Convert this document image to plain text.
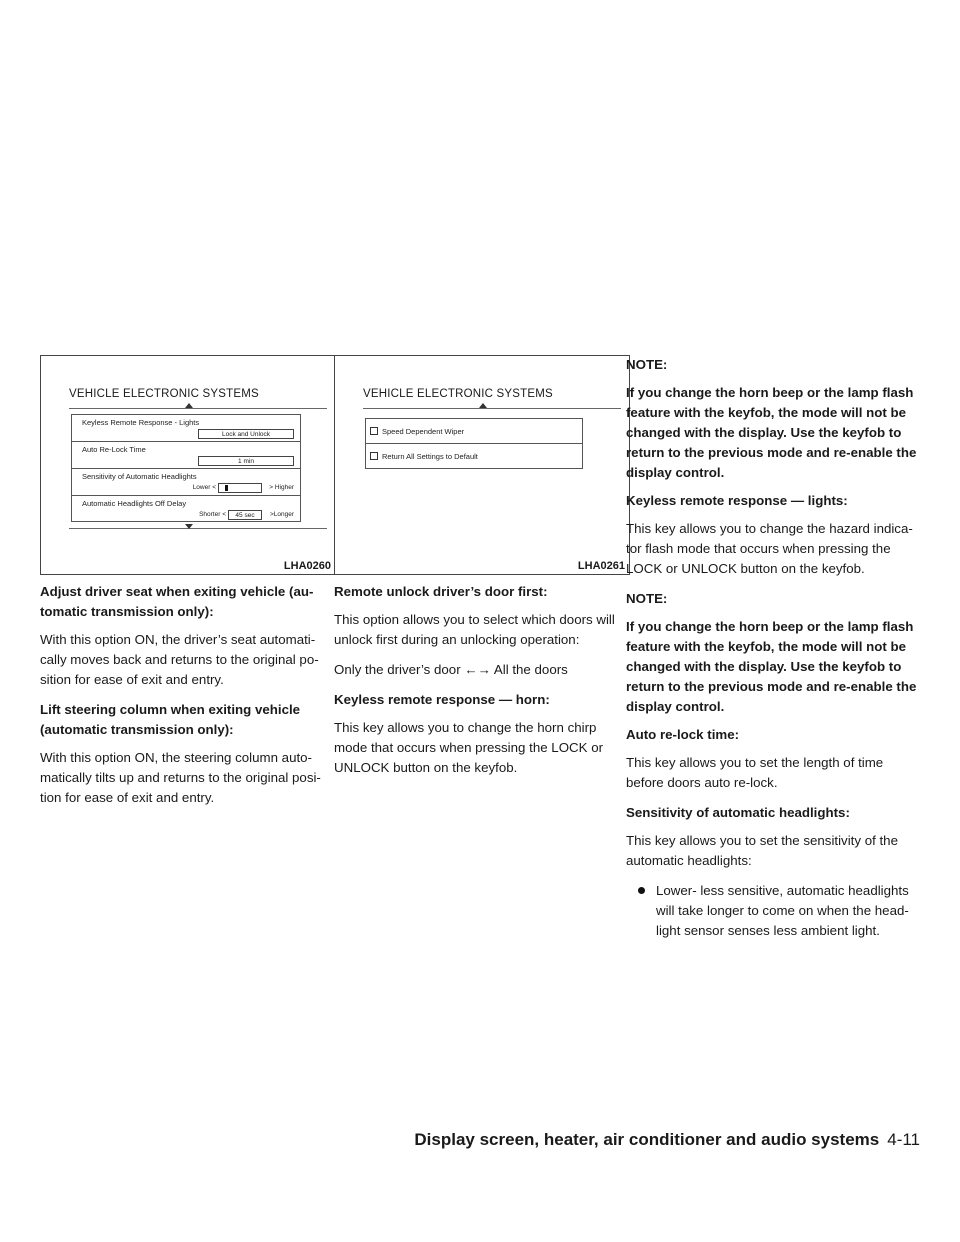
VEHICLE ELECTRONIC SYSTEMS
Keyless Remote Response - Lights
Lock and Unlock
Auto Re-Lock Time
1 min
Sensitivity of Automatic Headlights
Lower <	> Higher
Automatic Headlights Off Delay
Shorter <	45 sec	>Longer
LHA0260
VEHICLE ELECTRONIC SYSTEMS
Speed Dependent Wiper
Return All Settings to Default
LHA0261

Adjust driver seat when exiting vehicle (au-tomatic transmission only):

With this option ON, the driver’s seat automati-cally moves back and returns to the original po-sition for ease of exit and entry.

Lift steering column when exiting vehicle (automatic transmission only):

With this option ON, the steering column auto-matically tilts up and returns to the original posi-tion for ease of exit and entry.

Remote unlock driver’s door first:

This option allows you to select which doors will unlock first during an unlocking operation:

Only the driver’s door ←→ All the doors

Keyless remote response — horn:

This key allows you to change the horn chirp mode that occurs when pressing the LOCK or UNLOCK button on the keyfob.

NOTE:

If you change the horn beep or the lamp flash feature with the keyfob, the mode will not be changed with the display. Use the keyfob to return to the previous mode and re-enable the display control.

Keyless remote response — lights:

This key allows you to change the hazard indica-tor flash mode that occurs when pressing the LOCK or UNLOCK button on the keyfob.

NOTE:

If you change the horn beep or the lamp flash feature with the keyfob, the mode will not be changed with the display. Use the keyfob to return to the previous mode and re-enable the display control.

Auto re-lock time:

This key allows you to set the length of time before doors auto re-lock.

Sensitivity of automatic headlights:

This key allows you to set the sensitivity of the automatic headlights:

Lower- less sensitive, automatic headlights will take longer to come on when the head-light sensor senses less ambient light.

Display screen, heater, air conditioner and audio systems 4-11
